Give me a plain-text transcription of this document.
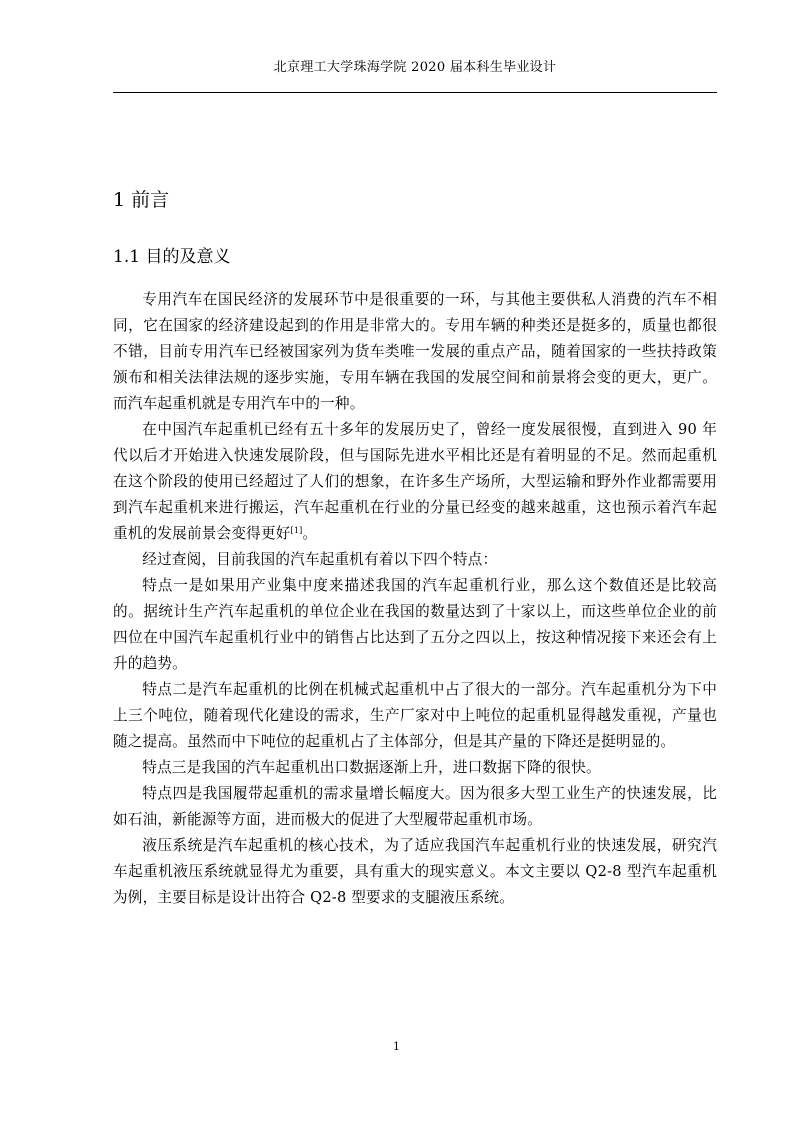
北京理工大学珠海学院 2020 届本科生毕业设计
1 前言
1.1 目的及意义

专用汽车在国民经济的发展环节中是很重要的一环，与其他主要供私人消费的汽车不相同，它在国家的经济建设起到的作用是非常大的。专用车辆的种类还是挺多的，质量也都很不错，目前专用汽车已经被国家列为货车类唯一发展的重点产品，随着国家的一些扶持政策颁布和相关法律法规的逐步实施，专用车辆在我国的发展空间和前景将会变的更大，更广。而汽车起重机就是专用汽车中的一种。

在中国汽车起重机已经有五十多年的发展历史了，曾经一度发展很慢，直到进入 90 年代以后才开始进入快速发展阶段，但与国际先进水平相比还是有着明显的不足。然而起重机在这个阶段的使用已经超过了人们的想象，在许多生产场所，大型运输和野外作业都需要用到汽车起重机来进行搬运，汽车起重机在行业的分量已经变的越来越重，这也预示着汽车起重机的发展前景会变得更好[1]。

经过查阅，目前我国的汽车起重机有着以下四个特点：

特点一是如果用产业集中度来描述我国的汽车起重机行业，那么这个数值还是比较高的。据统计生产汽车起重机的单位企业在我国的数量达到了十家以上，而这些单位企业的前四位在中国汽车起重机行业中的销售占比达到了五分之四以上，按这种情况接下来还会有上升的趋势。

特点二是汽车起重机的比例在机械式起重机中占了很大的一部分。汽车起重机分为下中上三个吨位，随着现代化建设的需求，生产厂家对中上吨位的起重机显得越发重视，产量也随之提高。虽然而中下吨位的起重机占了主体部分，但是其产量的下降还是挺明显的。

特点三是我国的汽车起重机出口数据逐渐上升，进口数据下降的很快。

特点四是我国履带起重机的需求量增长幅度大。因为很多大型工业生产的快速发展，比如石油，新能源等方面，进而极大的促进了大型履带起重机市场。

液压系统是汽车起重机的核心技术，为了适应我国汽车起重机行业的快速发展，研究汽车起重机液压系统就显得尤为重要，具有重大的现实意义。本文主要以 Q2-8 型汽车起重机为例，主要目标是设计出符合 Q2-8 型要求的支腿液压系统。

1
